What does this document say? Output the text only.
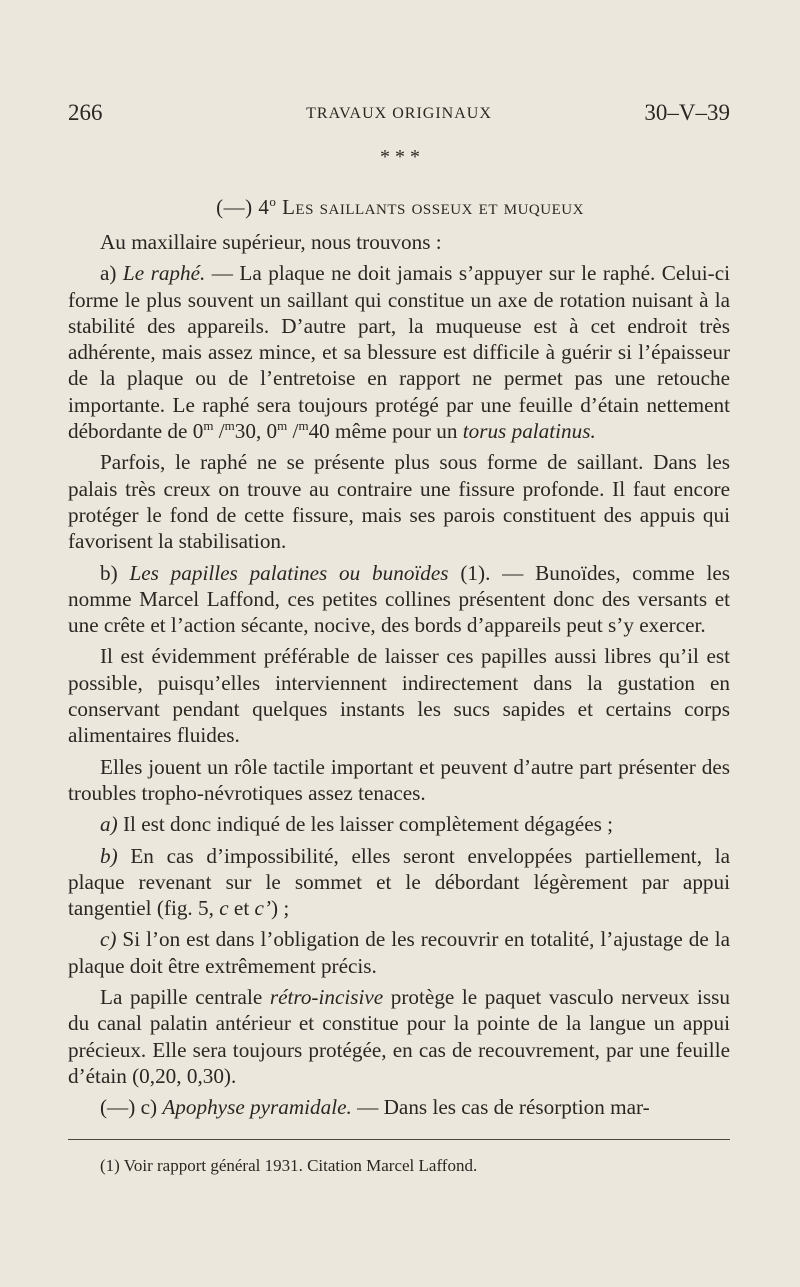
266	TRAVAUX ORIGINAUX	30–V–39
* * *
(—) 4$^o$ Les saillants osseux et muqueux

Au maxillaire supérieur, nous trouvons :

a) Le raphé. — La plaque ne doit jamais s’appuyer sur le raphé. Celui-ci forme le plus souvent un saillant qui constitue un axe de rotation nuisant à la stabilité des appareils. D’autre part, la muqueuse est à cet endroit très adhérente, mais assez mince, et sa blessure est difficile à guérir si l’épaisseur de la plaque ou de l’entretoise en rapport ne permet pas une retouche importante. Le raphé sera toujours protégé par une feuille d’étain nettement débordante de 0$^m$ /$^m$30, 0$^m$ /$^m$40 même pour un torus palatinus.

Parfois, le raphé ne se présente plus sous forme de saillant. Dans les palais très creux on trouve au contraire une fissure profonde. Il faut encore protéger le fond de cette fissure, mais ses parois constituent des appuis qui favorisent la stabilisation.

b) Les papilles palatines ou bunoïdes (1). — Bunoïdes, comme les nomme Marcel Laffond, ces petites collines présentent donc des versants et une crête et l’action sécante, nocive, des bords d’appareils peut s’y exercer.

Il est évidemment préférable de laisser ces papilles aussi libres qu’il est possible, puisqu’elles interviennent indirectement dans la gustation en conservant pendant quelques instants les sucs sapides et certains corps alimentaires fluides.

Elles jouent un rôle tactile important et peuvent d’autre part présenter des troubles tropho-névrotiques assez tenaces.

a) Il est donc indiqué de les laisser complètement dégagées ;

b) En cas d’impossibilité, elles seront enveloppées partiellement, la plaque revenant sur le sommet et le débordant légèrement par appui tangentiel (fig. 5, c et c’) ;

c) Si l’on est dans l’obligation de les recouvrir en totalité, l’ajustage de la plaque doit être extrêmement précis.

La papille centrale rétro-incisive protège le paquet vasculo nerveux issu du canal palatin antérieur et constitue pour la pointe de la langue un appui précieux. Elle sera toujours protégée, en cas de recouvrement, par une feuille d’étain (0,20, 0,30).

(—) c) Apophyse pyramidale. — Dans les cas de résorption mar-

(1) Voir rapport général 1931. Citation Marcel Laffond.
